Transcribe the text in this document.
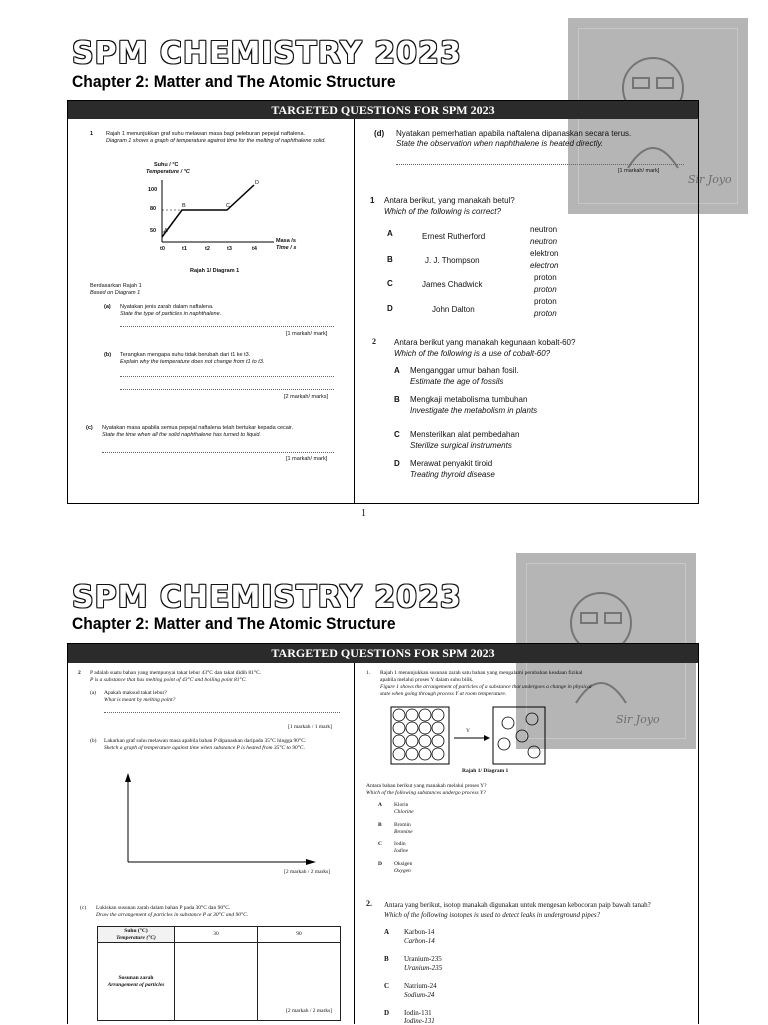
SPM CHEMISTRY 2023
Chapter 2: Matter and The Atomic Structure
Sir Joyo
TARGETED QUESTIONS FOR SPM 2023
1 Rajah 1 menunjukkan graf suhu melawan masa bagi peleburan pepejal naftalena.
Diagram 1 shows a graph of temperature against time for the melting of naphthalene solid.
Suhu / °C
Temperature / °C
100
80
50
t0	t1	t2	t3	t4
A
B	C
D
Masa /s
Time / s
Rajah 1/ Diagram 1
Berdasarkan Rajah 1
Based on Diagram 1
(a) Nyatakan jenis zarah dalam naftalena.
State the type of particles in naphthalene.
[1 markah/ mark]
(b) Terangkan mengapa suhu tidak berubah dari t1 ke t3.
Explain why the temperature does not change from t1 to t3.
[2 markah/ marks]
(c) Nyatakan masa apabila semua pepejal naftalena telah bertukar kepada cecair.
State the time when all the solid naphthalene has turned to liquid.
[1 markah/ mark]
(d) Nyatakan pemerhatian apabila naftalena dipanaskan secara terus.
State the observation when naphthalene is heated directly.
[1 markah/ mark]
1 Antara berikut, yang manakah betul?
Which of the following is correct?
A	Ernest Rutherford
neutron
neutron
B	J. J. Thompson
elektron
electron
C	James Chadwick
proton
proton
D	John Dalton
proton
proton
2 Antara berikut yang manakah kegunaan kobalt-60?
Which of the following is a use of cobalt-60?
A Menganggar umur bahan fosil.
Estimate the age of fossils
B Mengkaji metabolisma tumbuhan
Investigate the metabolism in plants
C Mensterilkan alat pembedahan
Sterilize surgical instruments
D Merawat penyakit tiroid
Treating thyroid disease
1
SPM CHEMISTRY 2023
Chapter 2: Matter and The Atomic Structure
Sir Joyo
TARGETED QUESTIONS FOR SPM 2023
2 P adalah suatu bahan yang mempunyai takat lebur 43°C dan takat didih 81°C.
P is a substance that has melting point of 43°C and boiling point 81°C.
(a) Apakah maksud takat lebur?
What is meant by melting point?
[1 markah / 1 mark]
(b) Lakarkan graf suhu melawan masa apabila bahan P dipanaskan daripada 35°C hingga 90°C.
Sketch a graph of temperature against time when substance P is heated from 35°C to 90°C.
[2 markah / 2 marks]
(c) Lukiskan susunan zarah dalam bahan P pada 30°C dan 90°C.
Draw the arrangement of particles in substance P at 30°C and 90°C.
Suhu (°C)
Temperature (°C)	30	90

Susunan zarah
Arrangement of particles		

[2 markah / 2 marks]
1. Rajah 1 menunjukkan susunan zarah satu bahan yang mengalami perubahan keadaan fizikal apabila melalui proses Y dalam suhu bilik.
Figure 1 shows the arrangement of particles of a substance that undergoes a change in physical state when going through process Y at room temperature.
Y
Rajah 1/ Diagram 1
Antara bahan berikut yang manakah melalui proses Y?
Which of the following substances undergo process Y?
A Klorin
Chlorine
B Bromin
Bromine
C Iodin
Iodine
D Oksigen
Oxygen
2. Antara yang berikut, isotop manakah digunakan untuk mengesan kebocoran paip bawah tanah?
Which of the following isotopes is used to detect leaks in underground pipes?
A Karbon-14
Carbon-14
B Uranium-235
Uranium-235
C Natrium-24
Sodium-24
D Iodin-131
Iodine-131
